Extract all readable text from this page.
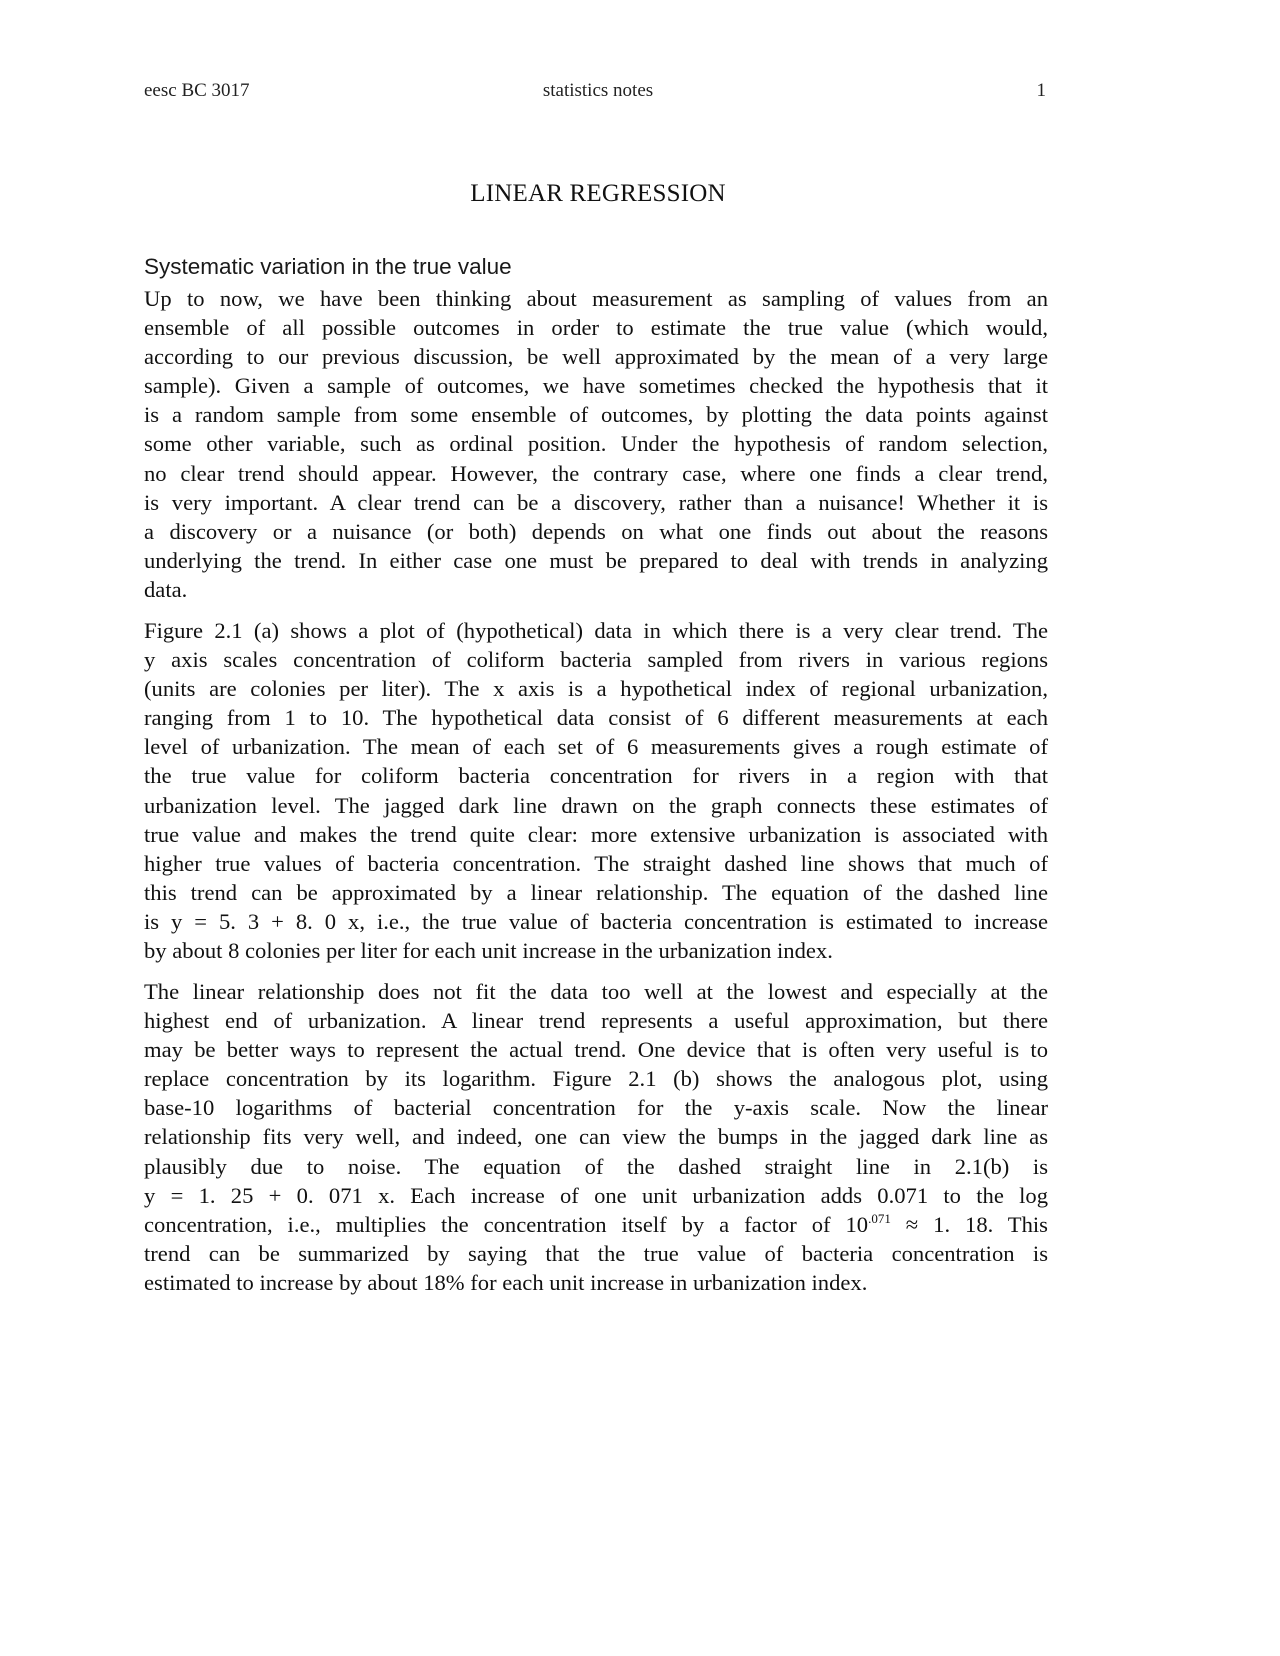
eesc BC 3017	statistics notes	1
LINEAR REGRESSION
Systematic variation in the true value
Up to now, we have been thinking about measurement as sampling of values from an
ensemble of all possible outcomes in order to estimate the true value (which would,
according to our previous discussion, be well approximated by the mean of a very large
sample). Given a sample of outcomes, we have sometimes checked the hypothesis that it
is a random sample from some ensemble of outcomes, by plotting the data points against
some other variable, such as ordinal position. Under the hypothesis of random selection,
no clear trend should appear. However, the contrary case, where one finds a clear trend,
is very important. A clear trend can be a discovery, rather than a nuisance! Whether it is
a discovery or a nuisance (or both) depends on what one finds out about the reasons
underlying the trend. In either case one must be prepared to deal with trends in analyzing
data.
Figure 2.1 (a) shows a plot of (hypothetical) data in which there is a very clear trend. The
y axis scales concentration of coliform bacteria sampled from rivers in various regions
(units are colonies per liter). The x axis is a hypothetical index of regional urbanization,
ranging from 1 to 10. The hypothetical data consist of 6 different measurements at each
level of urbanization. The mean of each set of 6 measurements gives a rough estimate of
the true value for coliform bacteria concentration for rivers in a region with that
urbanization level. The jagged dark line drawn on the graph connects these estimates of
true value and makes the trend quite clear: more extensive urbanization is associated with
higher true values of bacteria concentration. The straight dashed line shows that much of
this trend can be approximated by a linear relationship. The equation of the dashed line
is y = 5. 3 + 8. 0 x, i.e., the true value of bacteria concentration is estimated to increase
by about 8 colonies per liter for each unit increase in the urbanization index.
The linear relationship does not fit the data too well at the lowest and especially at the
highest end of urbanization. A linear trend represents a useful approximation, but there
may be better ways to represent the actual trend. One device that is often very useful is to
replace concentration by its logarithm. Figure 2.1 (b) shows the analogous plot, using
base-10 logarithms of bacterial concentration for the y-axis scale. Now the linear
relationship fits very well, and indeed, one can view the bumps in the jagged dark line as
plausibly due to noise. The equation of the dashed straight line in 2.1(b) is
y = 1. 25 + 0. 071 x. Each increase of one unit urbanization adds 0.071 to the log
concentration, i.e., multiplies the concentration itself by a factor of $10^{.071} \approx 1$. 18. This
trend can be summarized by saying that the true value of bacteria concentration is
estimated to increase by about 18% for each unit increase in urbanization index.
